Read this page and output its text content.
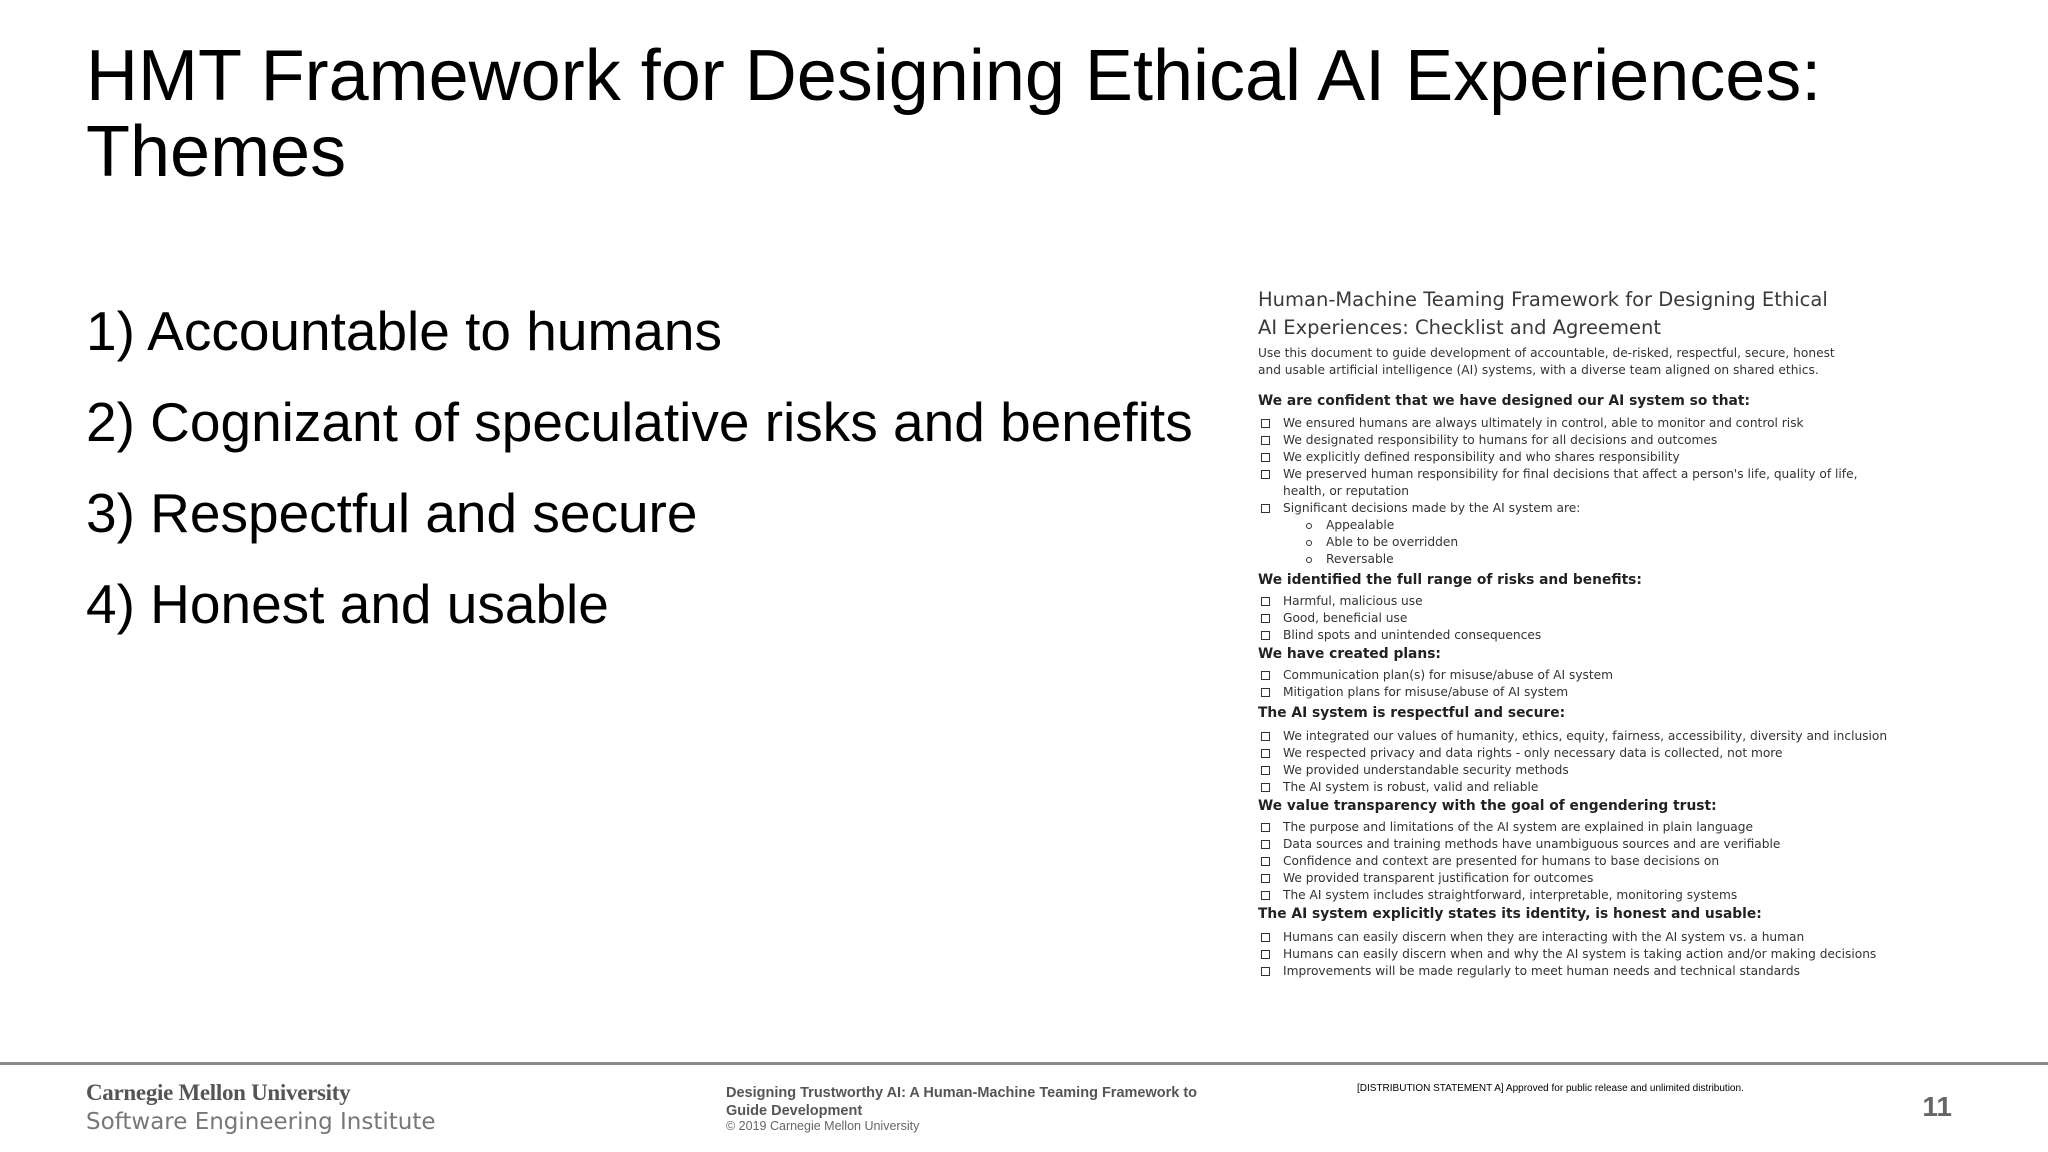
HMT Framework for Designing Ethical AI Experiences: Themes
1) Accountable to humans
2) Cognizant of speculative risks and benefits
3) Respectful and secure
4) Honest and usable
Human-Machine Teaming Framework for Designing Ethical
AI Experiences: Checklist and Agreement
Use this document to guide development of accountable, de-risked, respectful, secure, honest
and usable artificial intelligence (AI) systems, with a diverse team aligned on shared ethics.
We are confident that we have designed our AI system so that:
We ensured humans are always ultimately in control, able to monitor and control risk
We designated responsibility to humans for all decisions and outcomes
We explicitly defined responsibility and who shares responsibility
We preserved human responsibility for final decisions that affect a person's life, quality of life,
health, or reputation
Significant decisions made by the AI system are:
Appealable
Able to be overridden
Reversable
We identified the full range of risks and benefits:
Harmful, malicious use
Good, beneficial use
Blind spots and unintended consequences
We have created plans:
Communication plan(s) for misuse/abuse of AI system
Mitigation plans for misuse/abuse of AI system
The AI system is respectful and secure:
We integrated our values of humanity, ethics, equity, fairness, accessibility, diversity and inclusion
We respected privacy and data rights - only necessary data is collected, not more
We provided understandable security methods
The AI system is robust, valid and reliable
We value transparency with the goal of engendering trust:
The purpose and limitations of the AI system are explained in plain language
Data sources and training methods have unambiguous sources and are verifiable
Confidence and context are presented for humans to base decisions on
We provided transparent justification for outcomes
The AI system includes straightforward, interpretable, monitoring systems
The AI system explicitly states its identity, is honest and usable:
Humans can easily discern when they are interacting with the AI system vs. a human
Humans can easily discern when and why the AI system is taking action and/or making decisions
Improvements will be made regularly to meet human needs and technical standards
Carnegie Mellon University
Software Engineering Institute
Designing Trustworthy AI: A Human-Machine Teaming Framework to Guide Development
© 2019 Carnegie Mellon University
[DISTRIBUTION STATEMENT A] Approved for public release and unlimited distribution.
11
